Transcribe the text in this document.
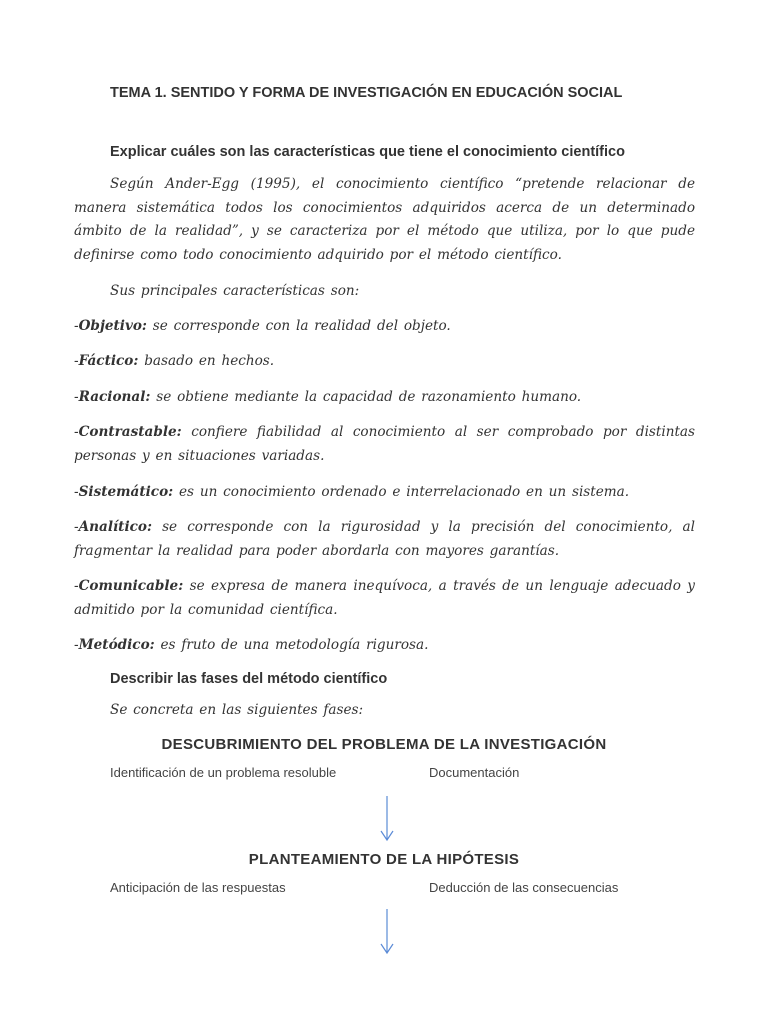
TEMA 1. SENTIDO Y FORMA DE INVESTIGACIÓN EN EDUCACIÓN SOCIAL
Explicar cuáles son las características que tiene el conocimiento científico
Según Ander-Egg (1995), el conocimiento científico “pretende relacionar de manera sistemática todos los conocimientos adquiridos acerca de un determinado ámbito de la realidad”, y se caracteriza por el método que utiliza, por lo que pude definirse como todo conocimiento adquirido por el método científico.
Sus principales características son:
-Objetivo: se corresponde con la realidad del objeto.
-Fáctico: basado en hechos.
-Racional: se obtiene mediante la capacidad de razonamiento humano.
-Contrastable: confiere fiabilidad al conocimiento al ser comprobado por distintas personas y en situaciones variadas.
-Sistemático: es un conocimiento ordenado e interrelacionado en un sistema.
-Analítico: se corresponde con la rigurosidad y la precisión del conocimiento, al fragmentar la realidad para poder abordarla con mayores garantías.
-Comunicable: se expresa de manera inequívoca, a través de un lenguaje adecuado y admitido por la comunidad científica.
-Metódico: es fruto de una metodología rigurosa.
Describir las fases del método científico
Se concreta en las siguientes fases:
DESCUBRIMIENTO DEL PROBLEMA DE LA INVESTIGACIÓN
Identificación de un problema resoluble	Documentación
PLANTEAMIENTO DE LA HIPÓTESIS
Anticipación de las respuestas	Deducción de las consecuencias
